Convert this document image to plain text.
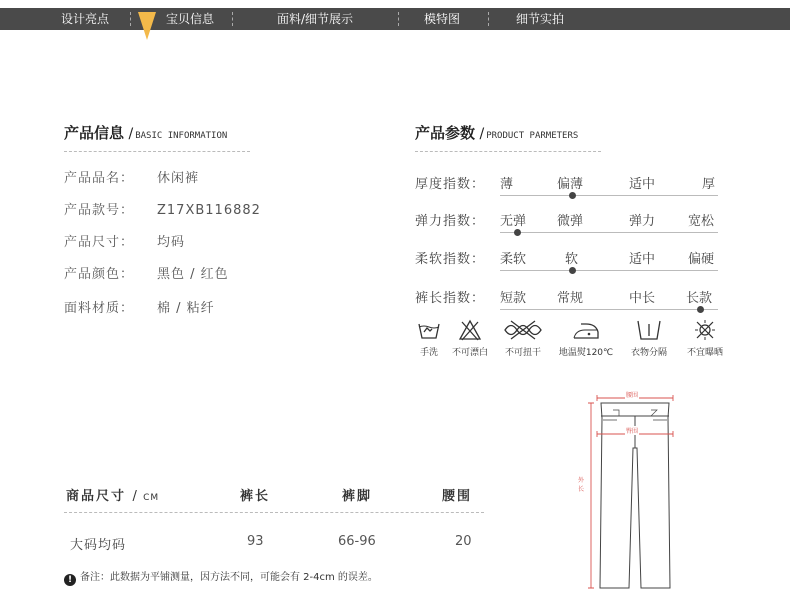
设计亮点	宝贝信息	面料/细节展示	模特图	细节实拍
产品信息 / BASIC INFORMATION
产品品名： 休闲裤
产品款号： Z17XB116882
产品尺寸： 均码
产品颜色： 黑色 / 红色
面料材质： 棉 / 粘纤
产品参数 / PRODUCT PARMETERS
厚度指数： 薄	偏薄	适中	厚
弹力指数： 无弹 微弹	弹力	宽松
柔软指数： 柔软	软	适中	偏硬
裤长指数： 短款 常规	中长 长款
手洗	不可漂白	不可扭干	地温熨120℃	衣物分隔	不宜曝晒
腰围
臀围
外长
商品尺寸 / CM	裤长	裤脚	腰围
大码均码	93	66-96	20
! 备注：此数据为平铺测量，因方法不同，可能会有 2-4cm 的误差。
